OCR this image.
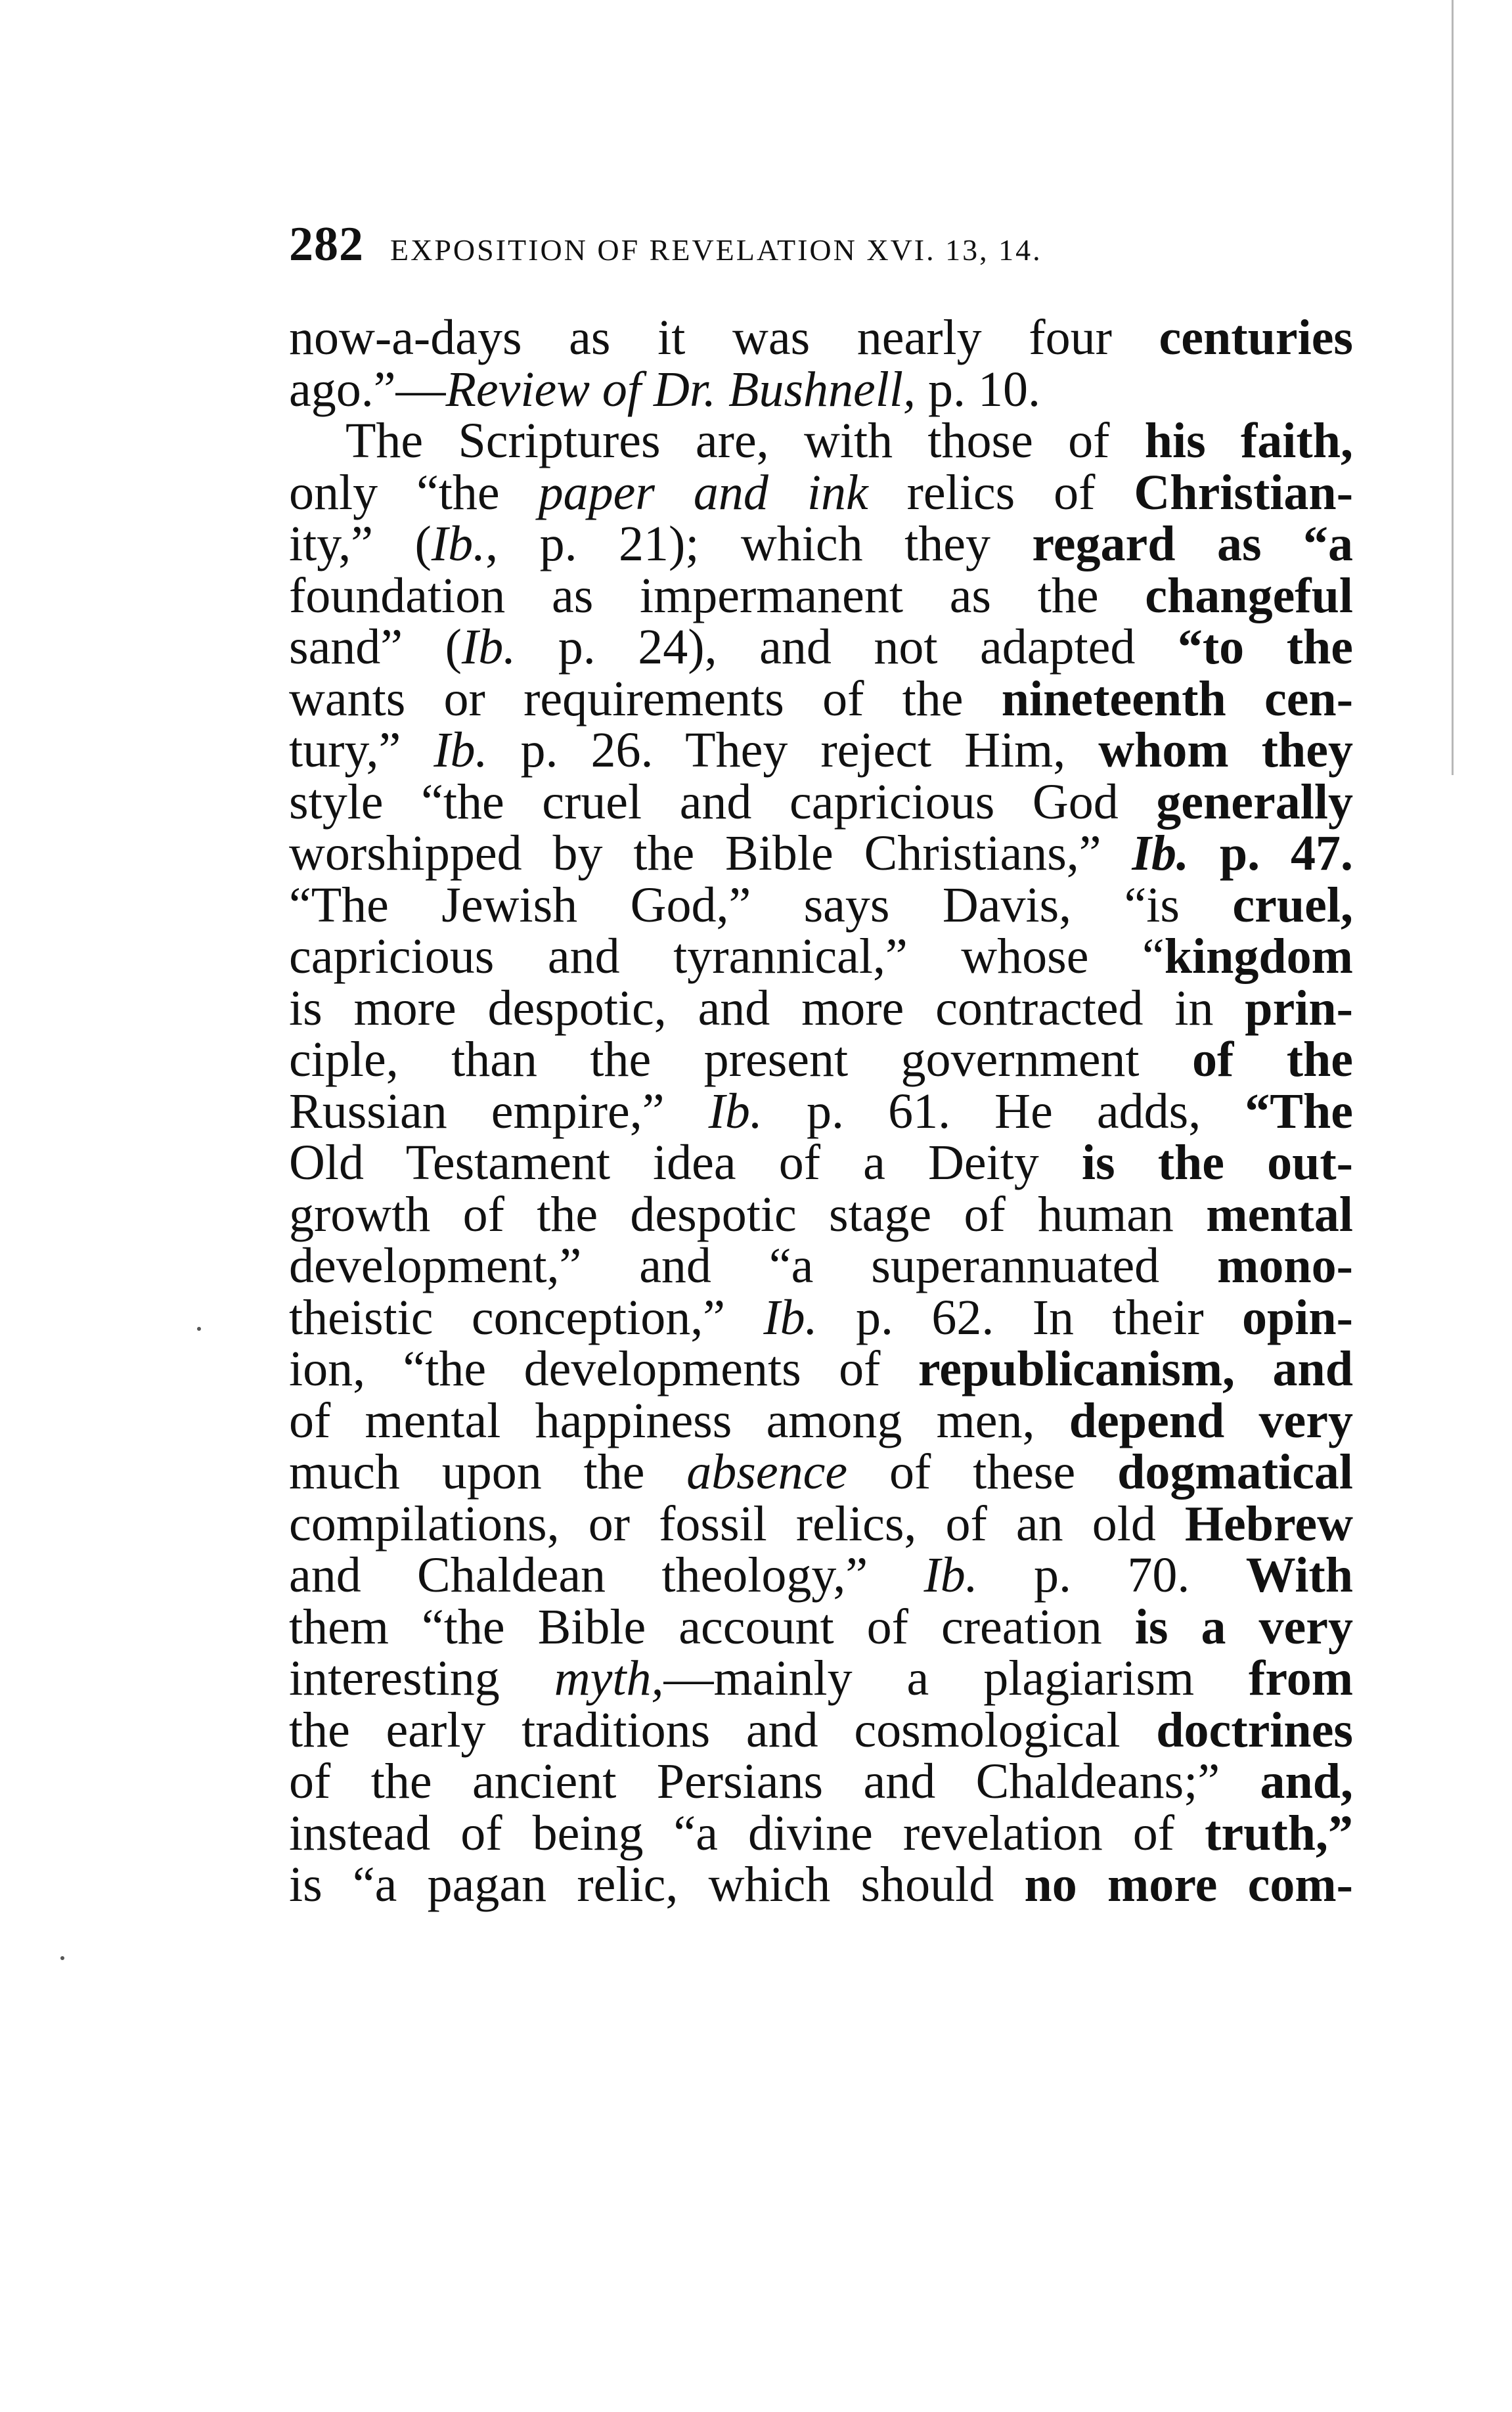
282 EXPOSITION OF REVELATION XVI. 13, 14.
now-a-days as it was nearly four centuries
ago.”—Review of Dr. Bushnell, p. 10.
The Scriptures are, with those of his faith,
only “the paper and ink relics of Christian-
ity,” (Ib., p. 21); which they regard as “a
foundation as impermanent as the changeful
sand” (Ib. p. 24), and not adapted “to the
wants or requirements of the nineteenth cen-
tury,” Ib. p. 26. They reject Him, whom they
style “the cruel and capricious God generally
worshipped by the Bible Christians,” Ib. p. 47.
“The Jewish God,” says Davis, “is cruel,
capricious and tyrannical,” whose “kingdom
is more despotic, and more contracted in prin-
ciple, than the present government of the
Russian empire,” Ib. p. 61. He adds, “The
Old Testament idea of a Deity is the out-
growth of the despotic stage of human mental
development,” and “a superannuated mono-
theistic conception,” Ib. p. 62. In their opin-
ion, “the developments of republicanism, and
of mental happiness among men, depend very
much upon the absence of these dogmatical
compilations, or fossil relics, of an old Hebrew
and Chaldean theology,” Ib. p. 70. With
them “the Bible account of creation is a very
interesting myth,—mainly a plagiarism from
the early traditions and cosmological doctrines
of the ancient Persians and Chaldeans;” and,
instead of being “a divine revelation of truth,”
is “a pagan relic, which should no more com-
